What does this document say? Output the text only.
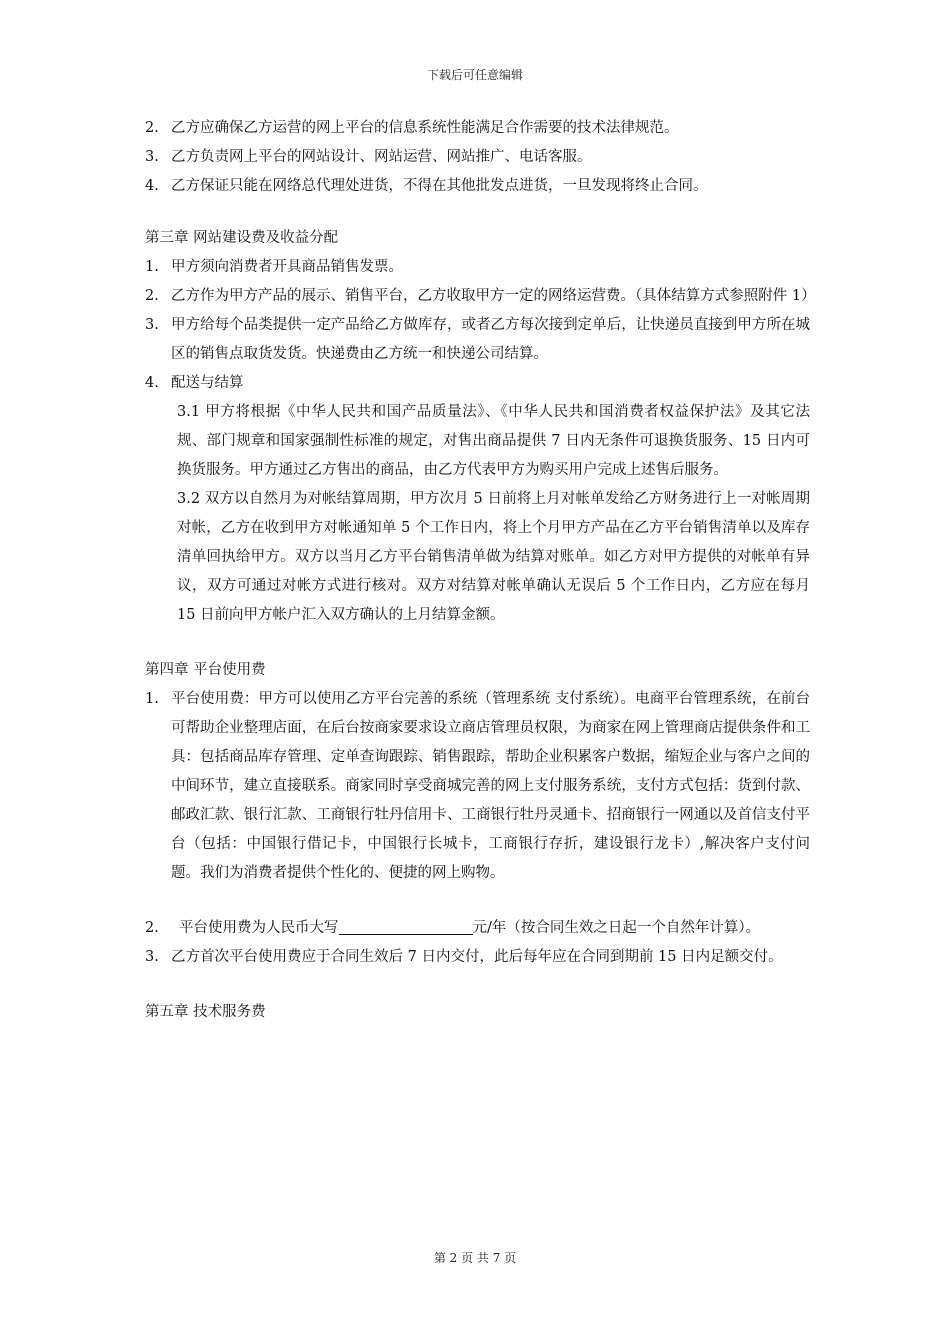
下载后可任意编辑
2. 乙方应确保乙方运营的网上平台的信息系统性能满足合作需要的技术法律规范。
3. 乙方负责网上平台的网站设计、网站运营、网站推广、电话客服。
4. 乙方保证只能在网络总代理处进货，不得在其他批发点进货，一旦发现将终止合同。
第三章 网站建设费及收益分配
1. 甲方须向消费者开具商品销售发票。
2. 乙方作为甲方产品的展示、销售平台，乙方收取甲方一定的网络运营费。（具体结算方式参照附件 1）
3. 甲方给每个品类提供一定产品给乙方做库存，或者乙方每次接到定单后，让快递员直接到甲方所在城区的销售点取货发货。快递费由乙方统一和快递公司结算。
4. 配送与结算
3.1 甲方将根据《中华人民共和国产品质量法》、《中华人民共和国消费者权益保护法》及其它法规、部门规章和国家强制性标准的规定，对售出商品提供 7 日内无条件可退换货服务、15 日内可换货服务。甲方通过乙方售出的商品，由乙方代表甲方为购买用户完成上述售后服务。
3.2 双方以自然月为对帐结算周期，甲方次月 5 日前将上月对帐单发给乙方财务进行上一对帐周期对帐，乙方在收到甲方对帐通知单 5 个工作日内，将上个月甲方产品在乙方平台销售清单以及库存清单回执给甲方。双方以当月乙方平台销售清单做为结算对账单。如乙方对甲方提供的对帐单有异议，双方可通过对帐方式进行核对。双方对结算对帐单确认无误后 5 个工作日内，乙方应在每月 15 日前向甲方帐户汇入双方确认的上月结算金额。
第四章 平台使用费
1. 平台使用费：甲方可以使用乙方平台完善的系统（管理系统 支付系统）。电商平台管理系统，在前台可帮助企业整理店面，在后台按商家要求设立商店管理员权限，为商家在网上管理商店提供条件和工具：包括商品库存管理、定单查询跟踪、销售跟踪，帮助企业积累客户数据，缩短企业与客户之间的中间环节，建立直接联系。商家同时享受商城完善的网上支付服务系统，支付方式包括：货到付款、邮政汇款、银行汇款、工商银行牡丹信用卡、工商银行牡丹灵通卡、招商银行一网通以及首信支付平台（包括：中国银行借记卡，中国银行长城卡，工商银行存折，建设银行龙卡）,解决客户支付问题。我们为消费者提供个性化的、便捷的网上购物。
2. 平台使用费为人民币大写	元/年（按合同生效之日起一个自然年计算）。
3. 乙方首次平台使用费应于合同生效后 7 日内交付，此后每年应在合同到期前 15 日内足额交付。
第五章 技术服务费
第 2 页 共 7 页
